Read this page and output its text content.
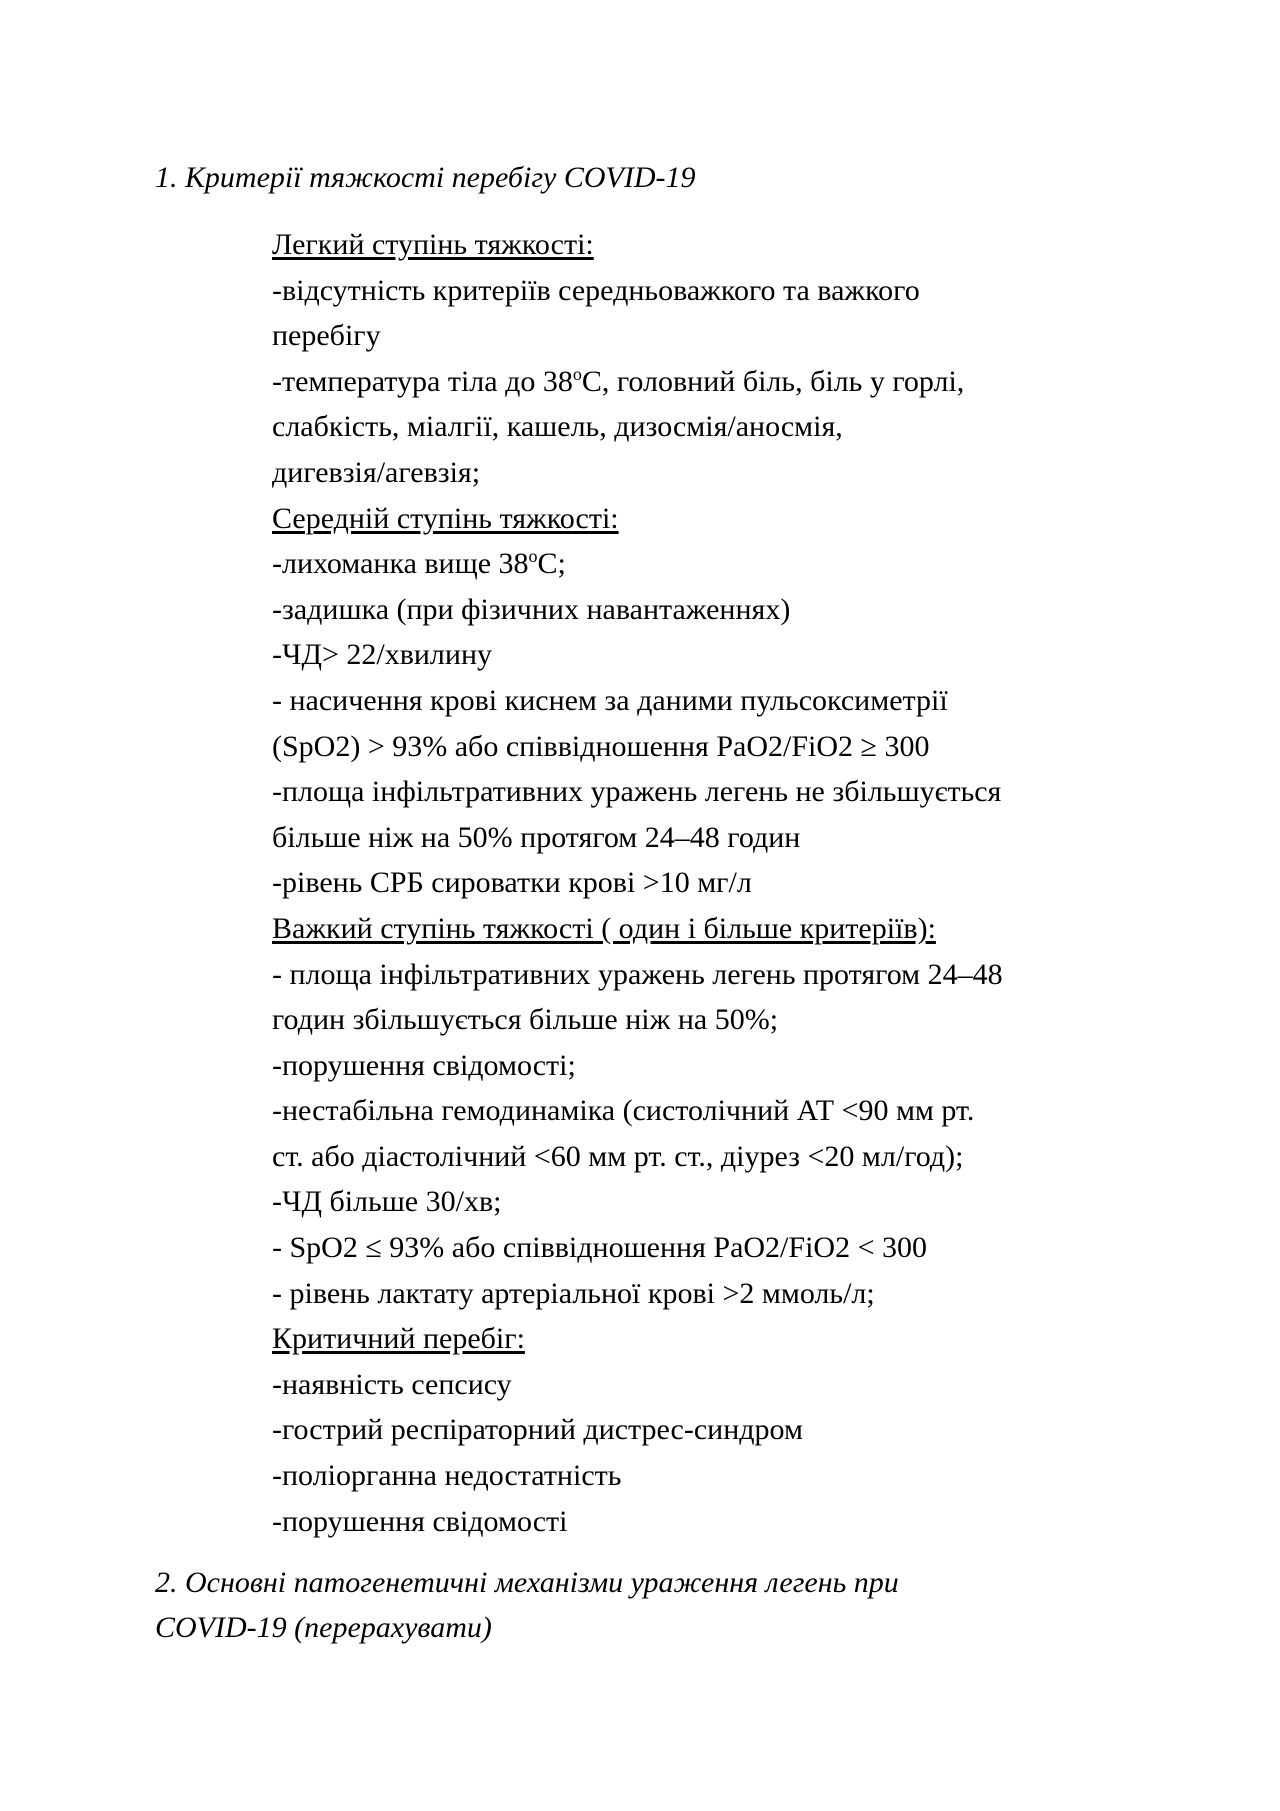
1. Критерії тяжкості перебігу COVID-19

Легкий ступінь тяжкості:
-відсутність критеріїв середньоважкого та важкого
перебігу
-температура тіла до 38$^o$C, головний біль, біль у горлі,
слабкість, міалгії, кашель, дизосмія/аносмія,
дигевзія/агевзія;
Середній ступінь тяжкості:
-лихоманка вище 38$^o$C;
-задишка (при фізичних навантаженнях)
-ЧД> 22/хвилину
- насичення крові киснем за даними пульсоксиметрії
(SpO2) > 93% або співвідношення PaO2/FiO2 ≥ 300
-площа інфільтративних уражень легень не збільшується
більше ніж на 50% протягом 24–48 годин
-рівень СРБ сироватки крові >10 мг/л
Важкий ступінь тяжкості ( один і більше критеріїв):
- площа інфільтративних уражень легень протягом 24–48
годин збільшується більше ніж на 50%;
-порушення свідомості;
-нестабільна гемодинаміка (систолічний АТ <90 мм рт.
ст. або діастолічний <60 мм рт. ст., діурез <20 мл/год);
-ЧД більше 30/хв;
- SpO2 ≤ 93% або співвідношення PaO2/FiO2 < 300
- рівень лактату артеріальної крові >2 ммоль/л;
Критичний перебіг:
-наявність сепсису
-гострий респіраторний дистрес-синдром
-поліорганна недостатність
-порушення свідомості

2. Основні патогенетичні механізми ураження легень при
COVID-19 (перерахувати)
